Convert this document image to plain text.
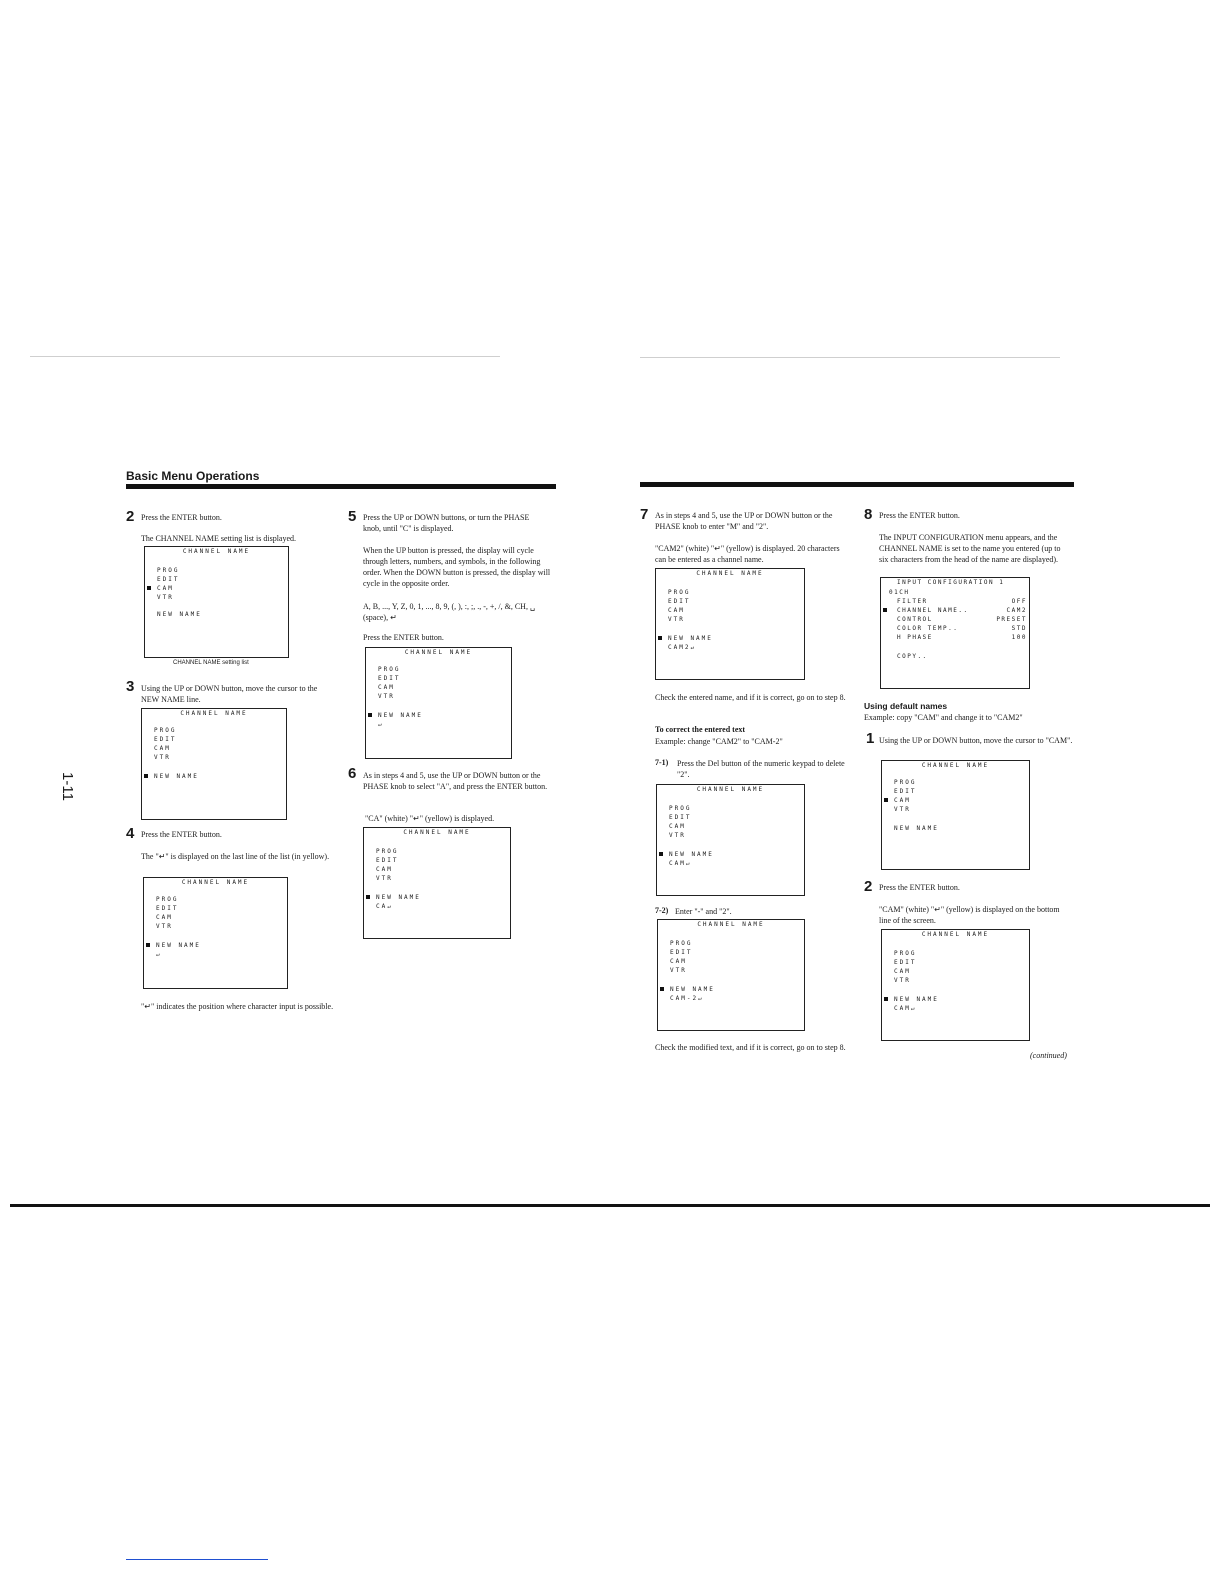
Basic Menu Operations
1-11
2 Press the ENTER button.
The CHANNEL NAME setting list is displayed.
CHANNEL NAME
PROG
EDIT
CAM
VTR
NEW NAME
CHANNEL NAME setting list
3 Using the UP or DOWN button, move the cursor to the NEW NAME line.
CHANNEL NAME
PROG
EDIT
CAM
VTR
NEW NAME
4 Press the ENTER button.
The "↵" is displayed on the last line of the list (in yellow).
CHANNEL NAME
PROG
EDIT
CAM
VTR
NEW NAME
↵
"↵" indicates the position where character input is possible.
5 Press the UP or DOWN buttons, or turn the PHASE knob, until "C" is displayed.
When the UP button is pressed, the display will cycle through letters, numbers, and symbols, in the following order. When the DOWN button is pressed, the display will cycle in the opposite order.
A, B, ..., Y, Z, 0, 1, ..., 8, 9, (, ), :, ;, ., -, +, /, &, CH, ␣ (space), ↵
Press the ENTER button.
CHANNEL NAME
PROG
EDIT
CAM
VTR
NEW NAME
↵
6 As in steps 4 and 5, use the UP or DOWN button or the PHASE knob to select "A", and press the ENTER button.
"CA" (white) "↵" (yellow) is displayed.
CHANNEL NAME
PROG
EDIT
CAM
VTR
NEW NAME
CA↵
7 As in steps 4 and 5, use the UP or DOWN button or the PHASE knob to enter "M" and "2".
"CAM2" (white) "↵" (yellow) is displayed. 20 characters can be entered as a channel name.
CHANNEL NAME
PROG
EDIT
CAM
VTR
NEW NAME
CAM2↵
Check the entered name, and if it is correct, go on to step 8.
To correct the entered text
Example: change "CAM2" to "CAM-2"
7-1) Press the Del button of the numeric keypad to delete "2".
CHANNEL NAME
PROG
EDIT
CAM
VTR
NEW NAME
CAM↵
7-2) Enter "-" and "2".
CHANNEL NAME
PROG
EDIT
CAM
VTR
NEW NAME
CAM-2↵
Check the modified text, and if it is correct, go on to step 8.
8 Press the ENTER button.
The INPUT CONFIGURATION menu appears, and the CHANNEL NAME is set to the name you entered (up to six characters from the head of the name are displayed).
INPUT CONFIGURATION 1
01CH
FILTER	OFF
CHANNEL NAME..	CAM2
CONTROL	PRESET
COLOR TEMP..	STD
H PHASE	100
COPY..
Using default names
Example: copy "CAM" and change it to "CAM2"
1 Using the UP or DOWN button, move the cursor to "CAM".
CHANNEL NAME
PROG
EDIT
CAM
VTR
NEW NAME
2 Press the ENTER button.
"CAM" (white) "↵" (yellow) is displayed on the bottom line of the screen.
CHANNEL NAME
PROG
EDIT
CAM
VTR
NEW NAME
CAM↵
(continued)
